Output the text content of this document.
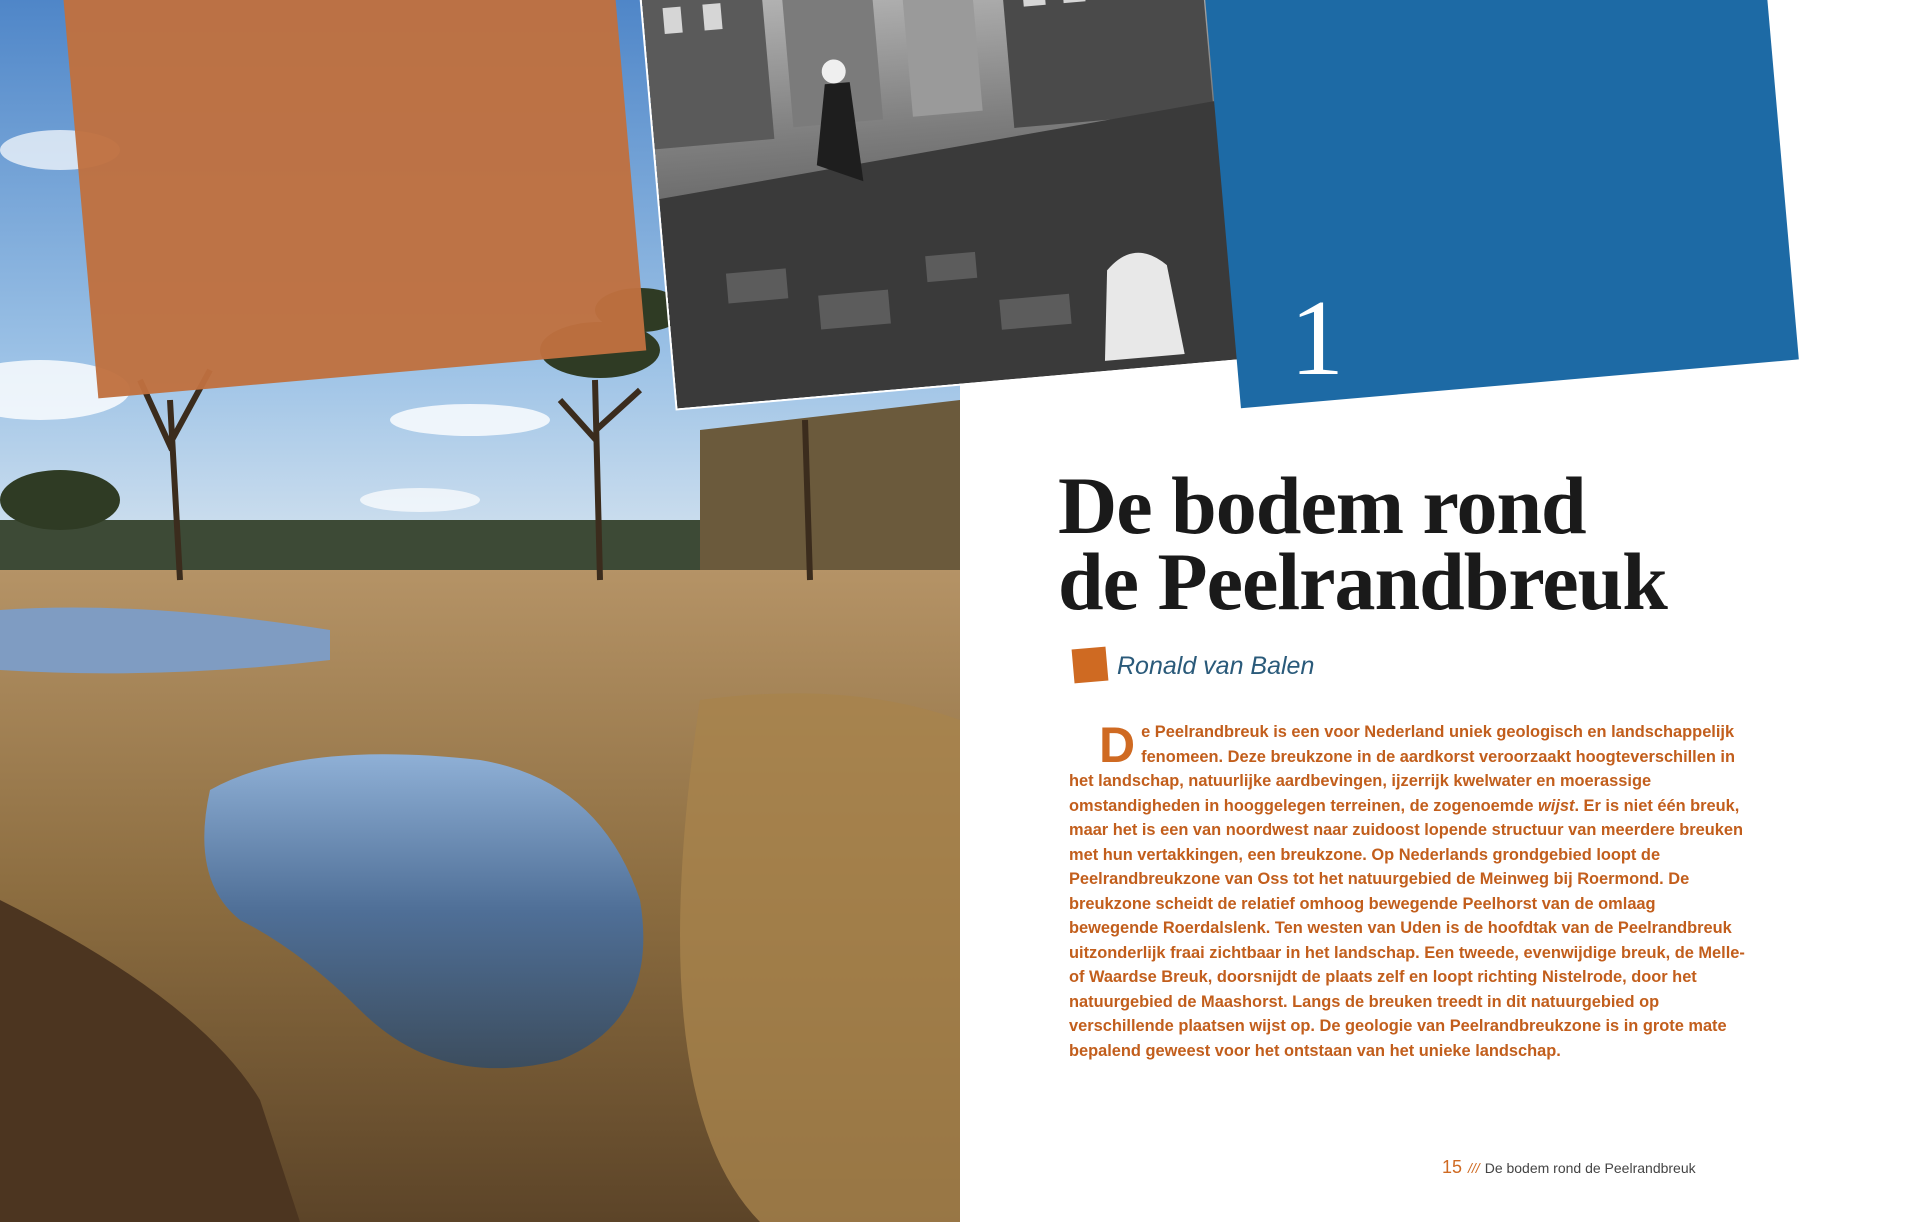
1
De bodem rond
de Peelrandbreuk
Ronald van Balen

De Peelrandbreuk is een voor Nederland uniek geologisch en landschappelijk fenomeen. Deze breukzone in de aardkorst veroorzaakt hoogteverschillen in het landschap, natuurlijke aardbevingen, ijzerrijk kwelwater en moerassige omstandigheden in hooggelegen terreinen, de zogenoemde wijst. Er is niet één breuk, maar het is een van noordwest naar zuidoost lopende structuur van meerdere breuken met hun vertakkingen, een breukzone. Op Nederlands grondgebied loopt de Peelrandbreukzone van Oss tot het natuurgebied de Meinweg bij Roermond. De breukzone scheidt de relatief omhoog bewegende Peelhorst van de omlaag bewegende Roerdalslenk. Ten westen van Uden is de hoofdtak van de Peelrandbreuk uitzonderlijk fraai zichtbaar in het landschap. Een tweede, evenwijdige breuk, de Melle- of Waardse Breuk, doorsnijdt de plaats zelf en loopt richting Nistelrode, door het natuurgebied de Maashorst. Langs de breuken treedt in dit natuurgebied op verschillende plaatsen wijst op. De geologie van Peelrandbreukzone is in grote mate bepalend geweest voor het ontstaan van het unieke landschap.

15 /// De bodem rond de Peelrandbreuk
